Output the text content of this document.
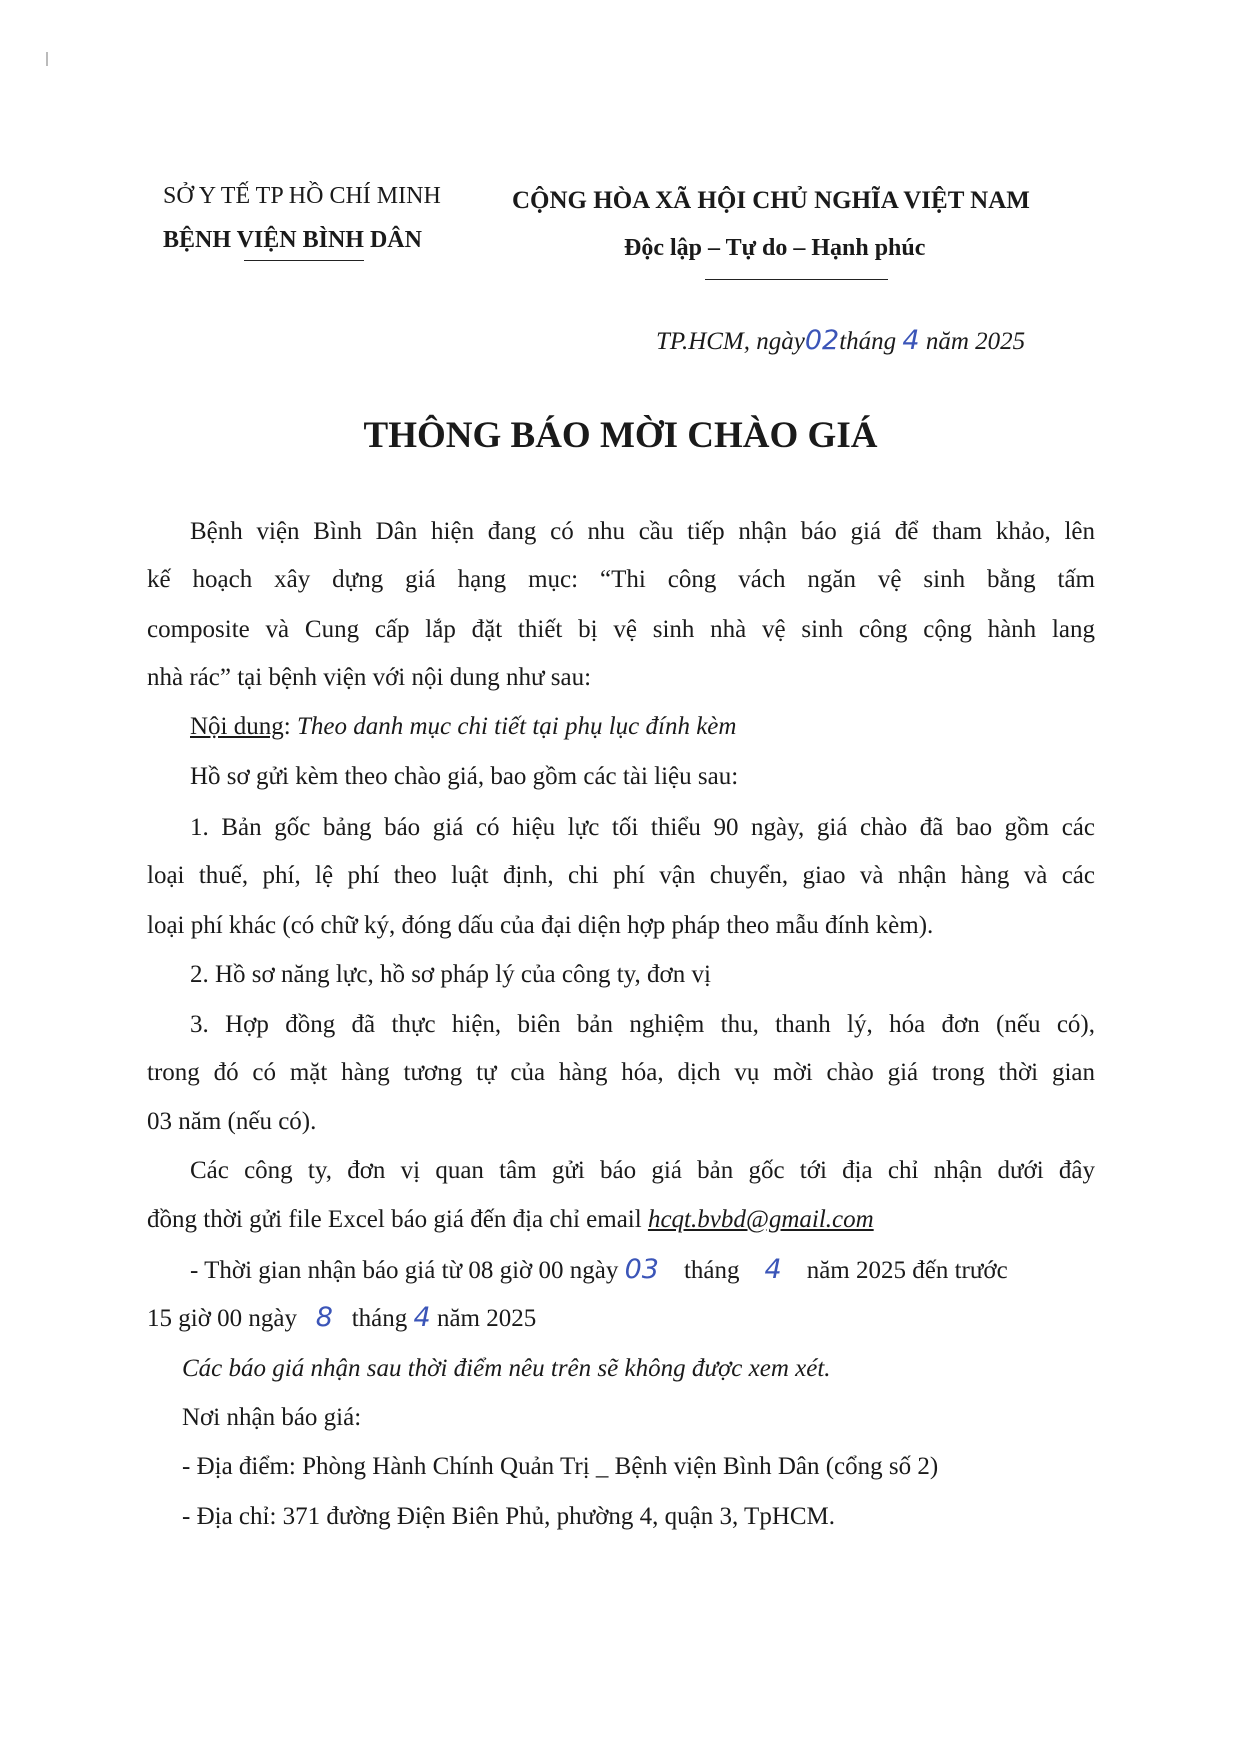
SỞ Y TẾ TP HỒ CHÍ MINH
BỆNH VIỆN BÌNH DÂN
CỘNG HÒA XÃ HỘI CHỦ NGHĨA VIỆT NAM
Độc lập – Tự do – Hạnh phúc
TP.HCM, ngày02tháng 4 năm 2025
THÔNG BÁO MỜI CHÀO GIÁ
Bệnh viện Bình Dân hiện đang có nhu cầu tiếp nhận báo giá để tham khảo, lên
kế hoạch xây dựng giá hạng mục: “Thi công vách ngăn vệ sinh bằng tấm
composite và Cung cấp lắp đặt thiết bị vệ sinh nhà vệ sinh công cộng hành lang
nhà rác” tại bệnh viện với nội dung như sau:
Nội dung: Theo danh mục chi tiết tại phụ lục đính kèm
Hồ sơ gửi kèm theo chào giá, bao gồm các tài liệu sau:
1. Bản gốc bảng báo giá có hiệu lực tối thiểu 90 ngày, giá chào đã bao gồm các
loại thuế, phí, lệ phí theo luật định, chi phí vận chuyển, giao và nhận hàng và các
loại phí khác (có chữ ký, đóng dấu của đại diện hợp pháp theo mẫu đính kèm).
2. Hồ sơ năng lực, hồ sơ pháp lý của công ty, đơn vị
3. Hợp đồng đã thực hiện, biên bản nghiệm thu, thanh lý, hóa đơn (nếu có),
trong đó có mặt hàng tương tự của hàng hóa, dịch vụ mời chào giá trong thời gian
03 năm (nếu có).
Các công ty, đơn vị quan tâm gửi báo giá bản gốc tới địa chỉ nhận dưới đây
đồng thời gửi file Excel báo giá đến địa chỉ email hcqt.bvbd@gmail.com
- Thời gian nhận báo giá từ 08 giờ 00 ngày 03 tháng 4 năm 2025 đến trước
15 giờ 00 ngày 8 tháng 4 năm 2025
Các báo giá nhận sau thời điểm nêu trên sẽ không được xem xét.
Nơi nhận báo giá:
- Địa điểm: Phòng Hành Chính Quản Trị _ Bệnh viện Bình Dân (cổng số 2)
- Địa chỉ: 371 đường Điện Biên Phủ, phường 4, quận 3, TpHCM.
